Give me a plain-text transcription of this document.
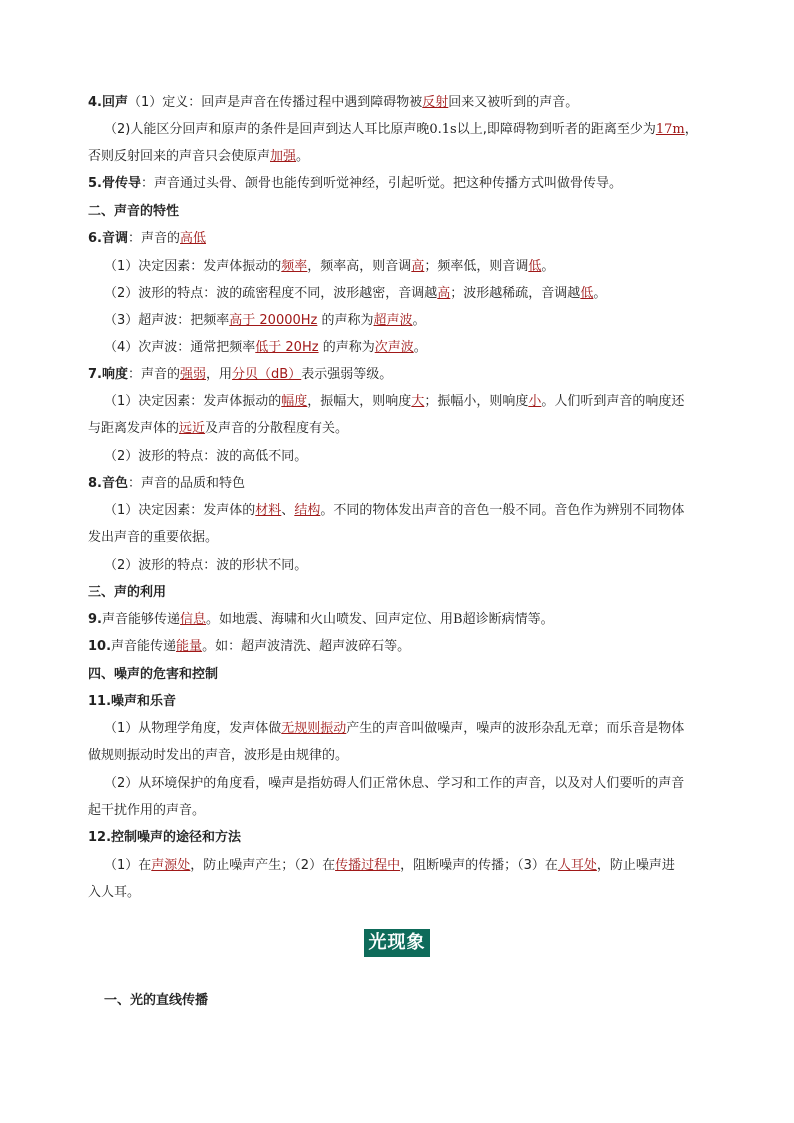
4.回声（1）定义：回声是声音在传播过程中遇到障碍物被反射回来又被听到的声音。
（2)人能区分回声和原声的条件是回声到达人耳比原声晚0.1s以上,即障碍物到听者的距离至少为17m，
否则反射回来的声音只会使原声加强。
5.骨传导：声音通过头骨、颌骨也能传到听觉神经，引起听觉。把这种传播方式叫做骨传导。
二、声音的特性
6.音调：声音的高低
（1）决定因素：发声体振动的频率，频率高，则音调高；频率低，则音调低。
（2）波形的特点：波的疏密程度不同，波形越密，音调越高；波形越稀疏，音调越低。
（3）超声波：把频率高于 20000Hz 的声称为超声波。
（4）次声波：通常把频率低于 20Hz 的声称为次声波。
7.响度：声音的强弱，用分贝（dB）表示强弱等级。
（1）决定因素：发声体振动的幅度，振幅大，则响度大；振幅小，则响度小。人们听到声音的响度还
与距离发声体的远近及声音的分散程度有关。
（2）波形的特点：波的高低不同。
8.音色：声音的品质和特色
（1）决定因素：发声体的材料、结构。不同的物体发出声音的音色一般不同。音色作为辨别不同物体
发出声音的重要依据。
（2）波形的特点：波的形状不同。
三、声的利用
9.声音能够传递信息。如地震、海啸和火山喷发、回声定位、用B超诊断病情等。
10.声音能传递能量。如：超声波清洗、超声波碎石等。
四、噪声的危害和控制
11.噪声和乐音
（1）从物理学角度，发声体做无规则振动产生的声音叫做噪声，噪声的波形杂乱无章；而乐音是物体
做规则振动时发出的声音，波形是由规律的。
（2）从环境保护的角度看，噪声是指妨碍人们正常休息、学习和工作的声音，以及对人们要听的声音
起干扰作用的声音。
12.控制噪声的途径和方法
（1）在声源处，防止噪声产生；（2）在传播过程中，阻断噪声的传播；（3）在人耳处，防止噪声进
入人耳。
光现象
一、光的直线传播
